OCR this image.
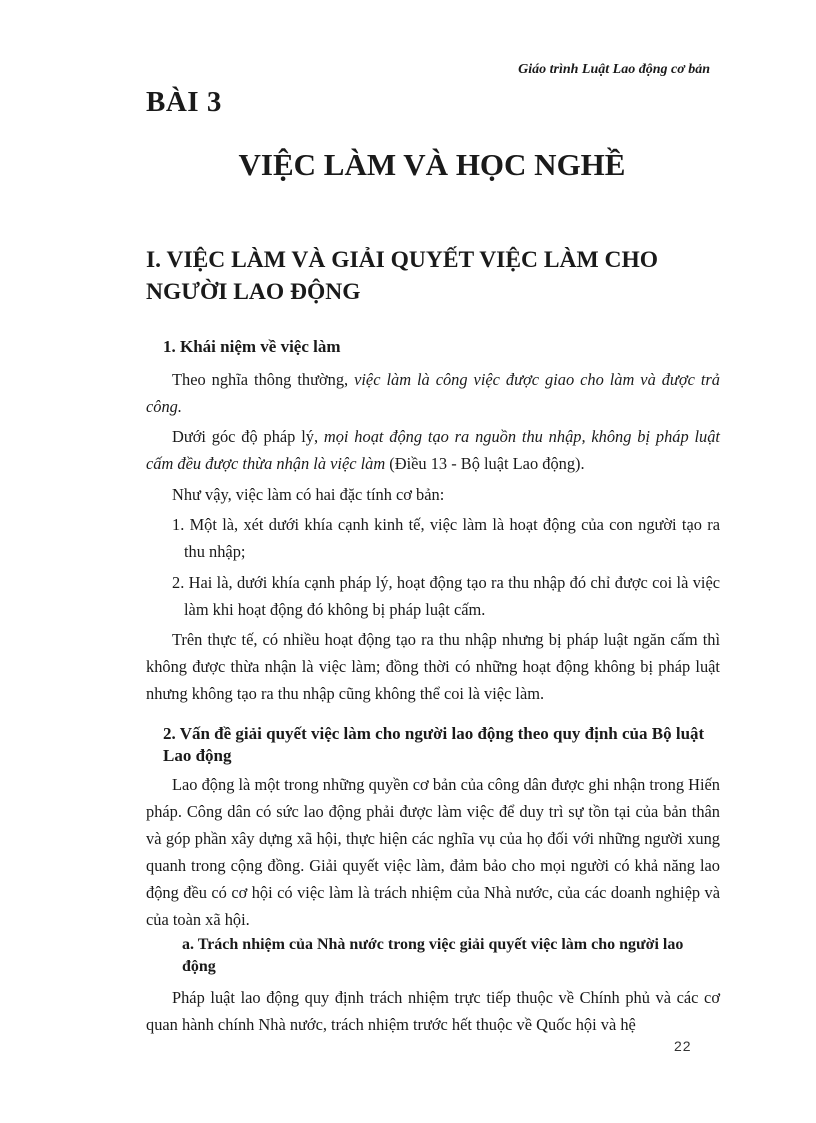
Giáo trình Luật Lao động cơ bản
BÀI 3
VIỆC LÀM VÀ HỌC NGHỀ
I. VIỆC LÀM VÀ GIẢI QUYẾT VIỆC LÀM CHO NGƯỜI LAO ĐỘNG
1. Khái niệm về việc làm
Theo nghĩa thông thường, việc làm là công việc được giao cho làm và được trả công.
Dưới góc độ pháp lý, mọi hoạt động tạo ra nguồn thu nhập, không bị pháp luật cấm đều được thừa nhận là việc làm (Điều 13 - Bộ luật Lao động).
Như vậy, việc làm có hai đặc tính cơ bản:
1. Một là, xét dưới khía cạnh kinh tế, việc làm là hoạt động của con người tạo ra thu nhập;
2. Hai là, dưới khía cạnh pháp lý, hoạt động tạo ra thu nhập đó chỉ được coi là việc làm khi hoạt động đó không bị pháp luật cấm.
Trên thực tế, có nhiều hoạt động tạo ra thu nhập nhưng bị pháp luật ngăn cấm thì không được thừa nhận là việc làm; đồng thời có những hoạt động không bị pháp luật nhưng không tạo ra thu nhập cũng không thể coi là việc làm.
2. Vấn đề giải quyết việc làm cho người lao động theo quy định của Bộ luật Lao động
Lao động là một trong những quyền cơ bản của công dân được ghi nhận trong Hiến pháp. Công dân có sức lao động phải được làm việc để duy trì sự tồn tại của bản thân và góp phần xây dựng xã hội, thực hiện các nghĩa vụ của họ đối với những người xung quanh trong cộng đồng. Giải quyết việc làm, đảm bảo cho mọi người có khả năng lao động đều có cơ hội có việc làm là trách nhiệm của Nhà nước, của các doanh nghiệp và của toàn xã hội.
a. Trách nhiệm của Nhà nước trong việc giải quyết việc làm cho người lao động
Pháp luật lao động quy định trách nhiệm trực tiếp thuộc về Chính phủ và các cơ quan hành chính Nhà nước, trách nhiệm trước hết thuộc về Quốc hội và hệ
22
